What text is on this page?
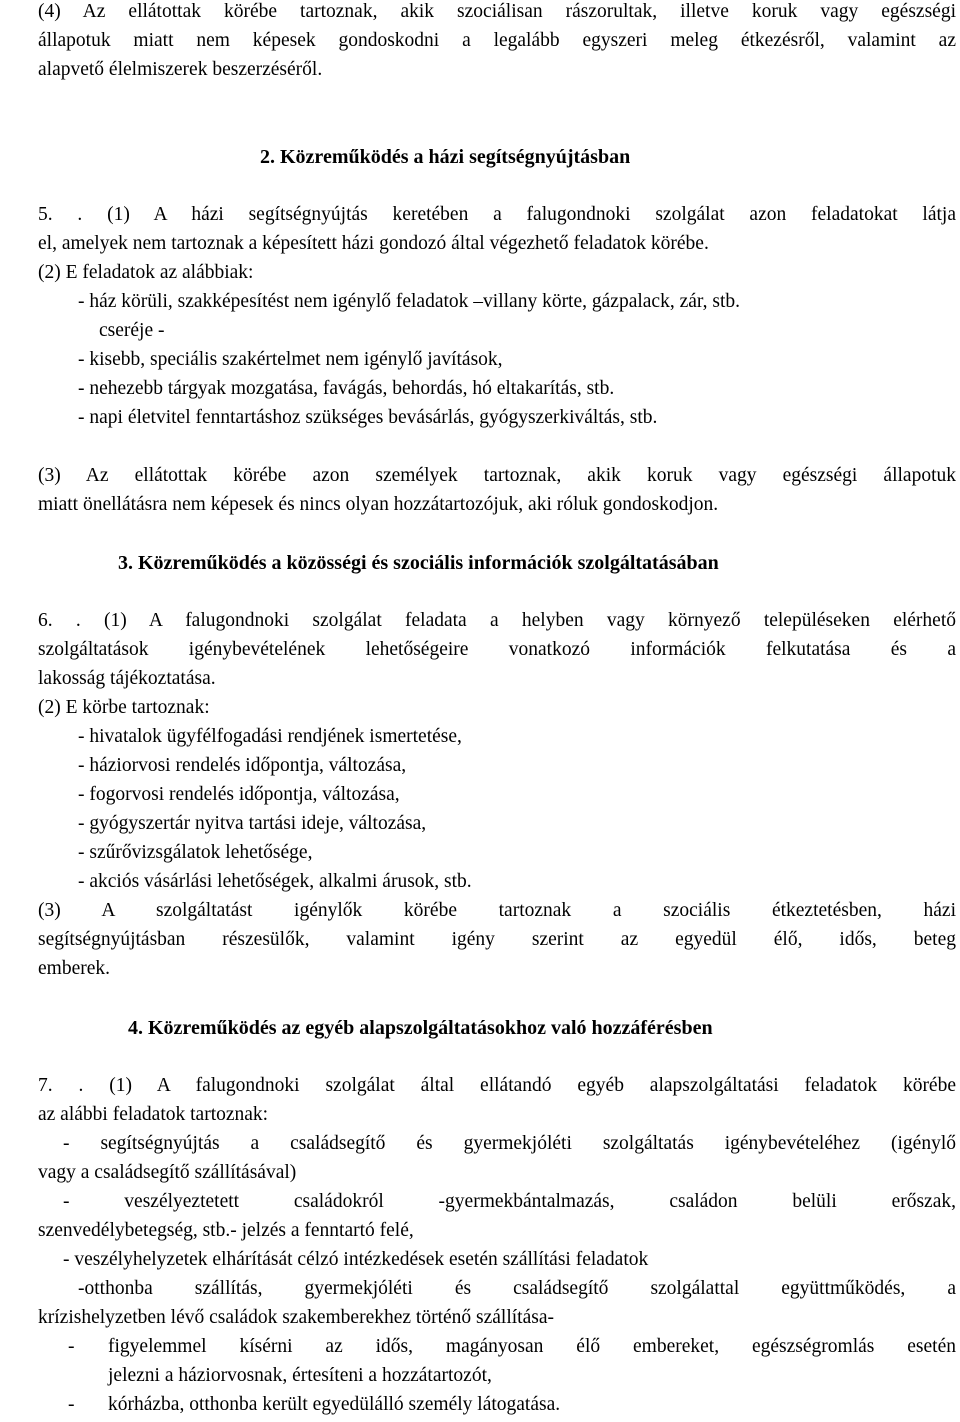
(4) Az ellátottak körébe tartoznak, akik szociálisan rászorultak, illetve koruk vagy egészségi
állapotuk miatt nem képesek gondoskodni a legalább egyszeri meleg étkezésről, valamint az
alapvető élelmiszerek beszerzéséről.
2. Közreműködés a házi segítségnyújtásban
5. . (1) A házi segítségnyújtás keretében a falugondnoki szolgálat azon feladatokat látja
el, amelyek nem tartoznak a képesített házi gondozó által végezhető feladatok körébe.
(2) E feladatok az alábbiak:
- ház körüli, szakképesítést nem igénylő feladatok –villany körte, gázpalack, zár, stb.
cseréje -
- kisebb, speciális szakértelmet nem igénylő javítások,
- nehezebb tárgyak mozgatása, favágás, behordás, hó eltakarítás, stb.
- napi életvitel fenntartáshoz szükséges bevásárlás, gyógyszerkiváltás, stb.
(3) Az ellátottak körébe azon személyek tartoznak, akik koruk vagy egészségi állapotuk
miatt önellátásra nem képesek és nincs olyan hozzátartozójuk, aki róluk gondoskodjon.
3. Közreműködés a közösségi és szociális információk szolgáltatásában
6. . (1) A falugondnoki szolgálat feladata a helyben vagy környező településeken elérhető
szolgáltatások igénybevételének lehetőségeire vonatkozó információk felkutatása és a
lakosság tájékoztatása.
(2) E körbe tartoznak:
- hivatalok ügyfélfogadási rendjének ismertetése,
- háziorvosi rendelés időpontja, változása,
- fogorvosi rendelés időpontja, változása,
- gyógyszertár nyitva tartási ideje, változása,
- szűrővizsgálatok lehetősége,
- akciós vásárlási lehetőségek, alkalmi árusok, stb.
(3) A szolgáltatást igénylők körébe tartoznak a szociális étkeztetésben, házi
segítségnyújtásban részesülők, valamint igény szerint az egyedül élő, idős, beteg
emberek.
4. Közreműködés az egyéb alapszolgáltatásokhoz való hozzáférésben
7. . (1) A falugondnoki szolgálat által ellátandó egyéb alapszolgáltatási feladatok körébe
az alábbi feladatok tartoznak:
- segítségnyújtás a családsegítő és gyermekjóléti szolgáltatás igénybevételéhez (igénylő
vagy a családsegítő szállításával)
- veszélyeztetett családokról -gyermekbántalmazás, családon belüli erőszak,
szenvedélybetegség, stb.- jelzés a fenntartó felé,
- veszélyhelyzetek elhárítását célzó intézkedések esetén szállítási feladatok
-otthonba szállítás, gyermekjóléti és családsegítő szolgálattal együttműködés, a
krízishelyzetben lévő családok szakemberekhez történő szállítása-
- figyelemmel kísérni az idős, magányosan élő embereket, egészségromlás esetén
jelezni a háziorvosnak, értesíteni a hozzátartozót,
- kórházba, otthonba került egyedülálló személy látogatása.
